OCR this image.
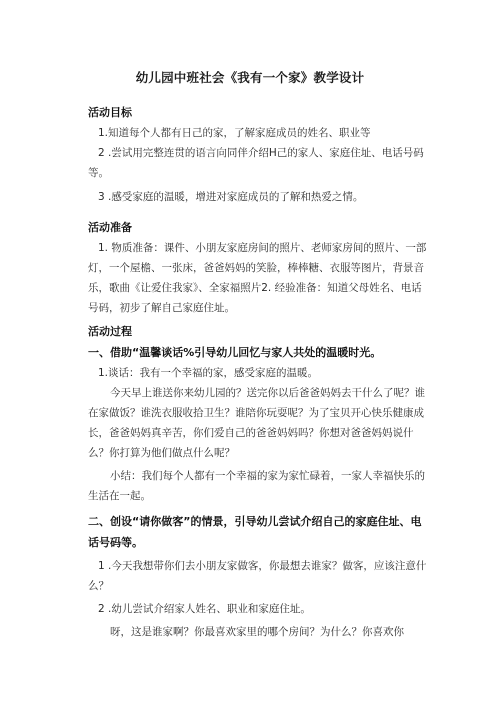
幼儿园中班社会《我有一个家》教学设计

活动目标

1.知道每个人都有日己的家，了解家庭成员的姓名、职业等

2 .尝试用完整连贯的语言向同伴介绍H己的家人、家庭住址、电话号码等。

3 .感受家庭的温暖，增进对家庭成员的了解和热爱之情。

活动准备

1. 物质准备：课件、小朋友家庭房间的照片、老师家房间的照片、一部灯，一个屋檐、一张床，爸爸妈妈的笑脸，棒棒糖、衣服等图片，背景音乐，歌曲《让爱住我家》、全家福照片2. 经验准备：知道父母姓名、电话号码，初步了解自己家庭住址。

活动过程

一、借助“温馨谈话%引导幼儿回忆与家人共处的温暖时光。

1.谈话：我有一个幸福的家，感受家庭的温暖。

今天早上谁送你来幼儿园的？送完你以后爸爸妈妈去干什么了呢？谁在家做饭？谁洗衣服收拾卫生？谁陪你玩耍呢？为了宝贝开心快乐健康成长，爸爸妈妈真辛苦，你们爱自己的爸爸妈妈吗？你想对爸爸妈妈说什么？你打算为他们做点什么呢？

小结：我们每个人都有一个幸福的家为家忙碌着，一家人幸福快乐的生活在一起。

二、创设“请你做客”的情景，引导幼儿尝试介绍自己的家庭住址、电话号码等。

1 .今天我想带你们去小朋友家做客，你最想去谁家？做客，应该注意什么？

2 .幼儿尝试介绍家人姓名、职业和家庭住址。

呀，这是谁家啊？你最喜欢家里的哪个房间？为什么？你喜欢你
